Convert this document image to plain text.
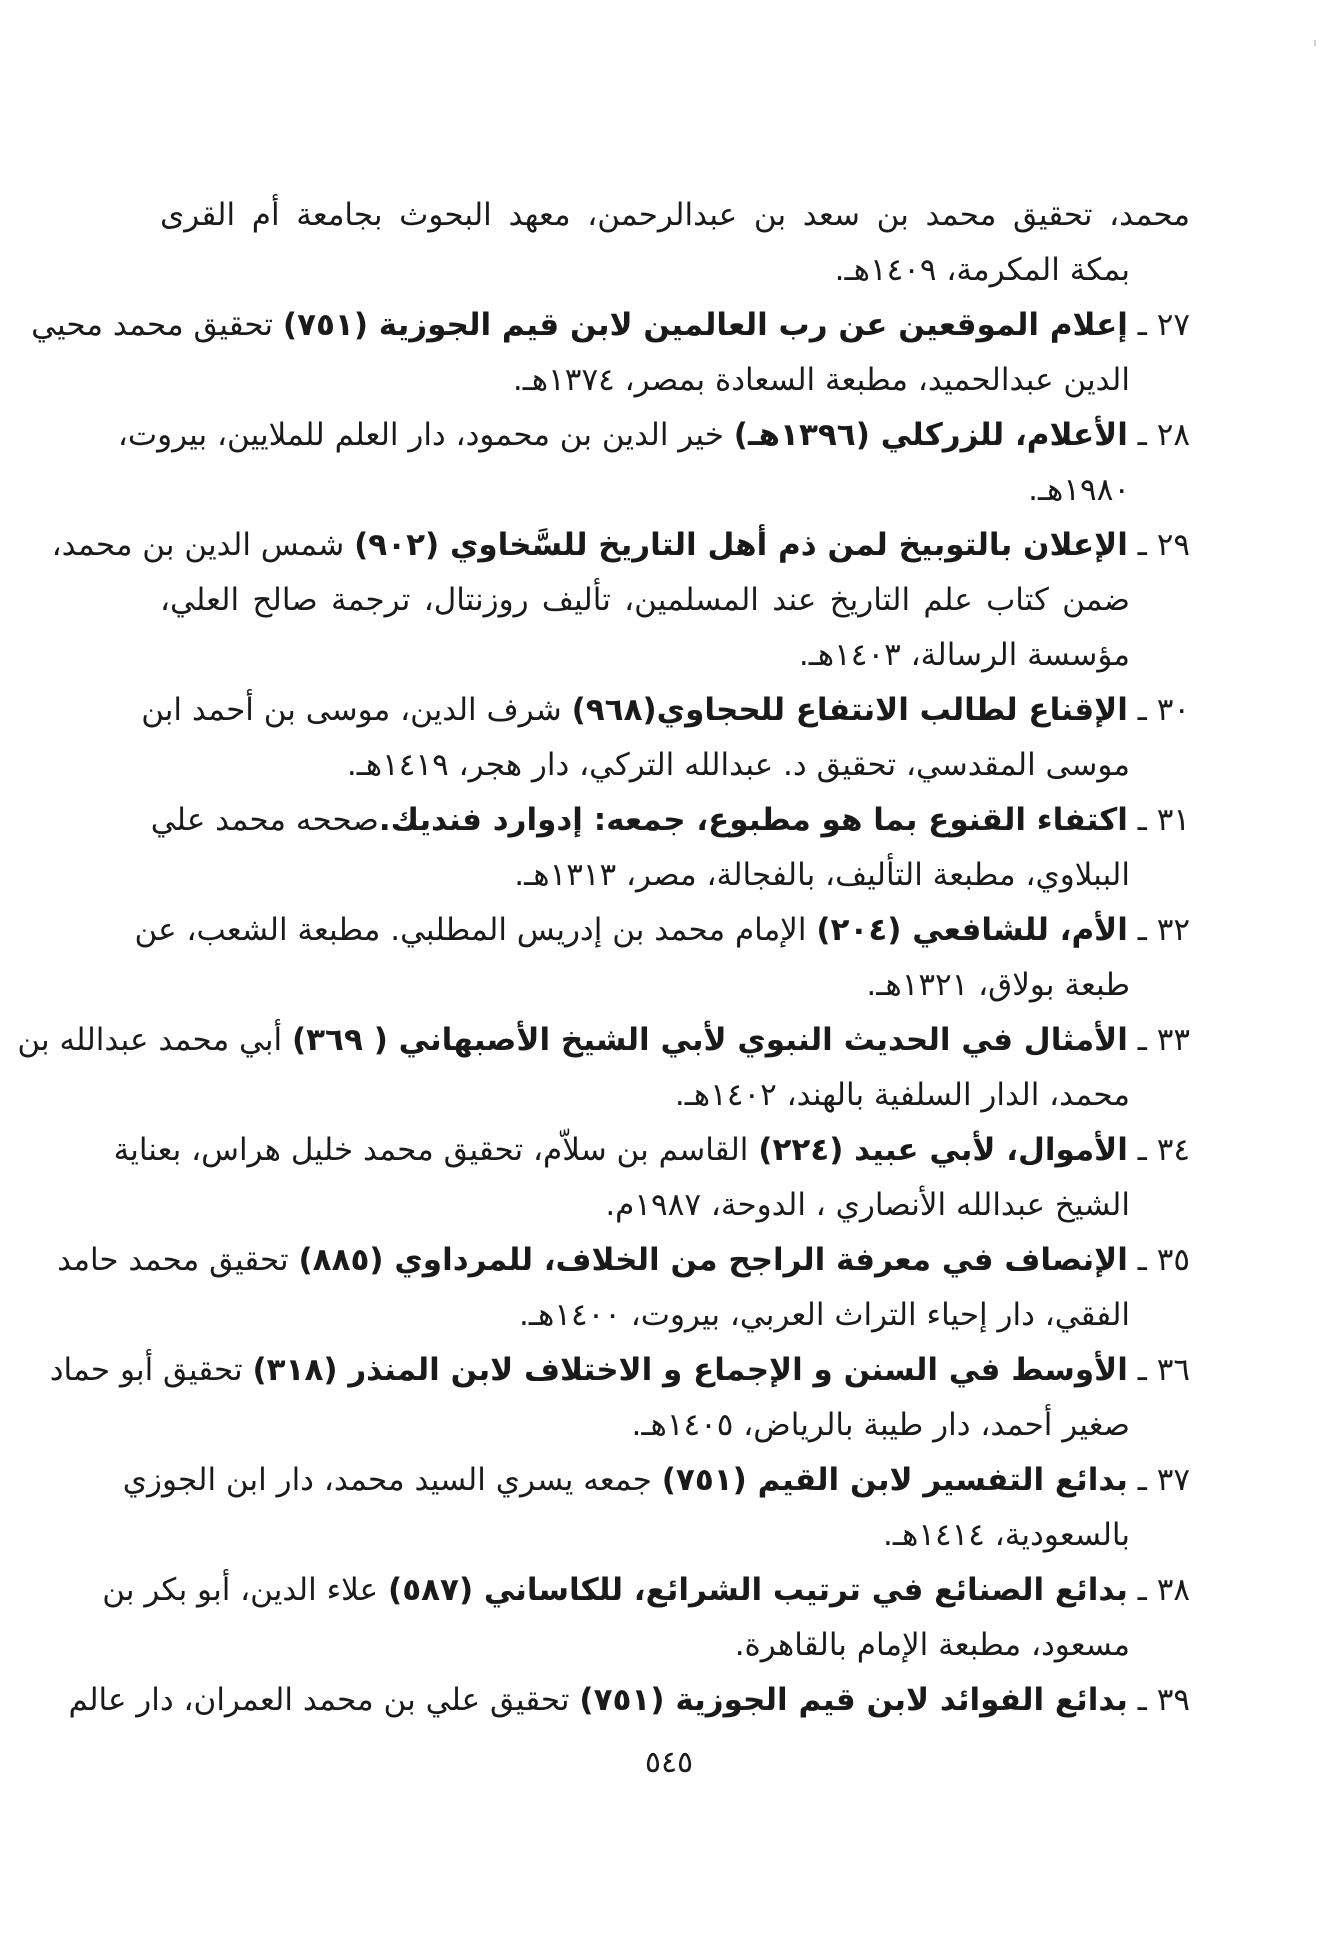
محمد، تحقيق محمد بن سعد بن عبدالرحمن، معهد البحوث بجامعة أم القرى
بمكة المكرمة، ١٤٠٩هـ.
٢٧ ـ إعلام الموقعين عن رب العالمين لابن قيم الجوزية (٧٥١) تحقيق محمد محيي
الدين عبدالحميد، مطبعة السعادة بمصر، ١٣٧٤هـ.
٢٨ ـ الأعلام، للزركلي (١٣٩٦هـ) خير الدين بن محمود، دار العلم للملايين، بيروت،
١٩٨٠هـ.
٢٩ ـ الإعلان بالتوبيخ لمن ذم أهل التاريخ للسَّخاوي (٩٠٢) شمس الدين بن محمد،
ضمن كتاب علم التاريخ عند المسلمين، تأليف روزنتال، ترجمة صالح العلي،
مؤسسة الرسالة، ١٤٠٣هـ.
٣٠ ـ الإقناع لطالب الانتفاع للحجاوي(٩٦٨) شرف الدين، موسى بن أحمد ابن
موسى المقدسي، تحقيق د. عبدالله التركي، دار هجر، ١٤١٩هـ.
٣١ ـ اكتفاء القنوع بما هو مطبوع، جمعه: إدوارد فنديك.صححه محمد علي
الببلاوي، مطبعة التأليف، بالفجالة، مصر، ١٣١٣هـ.
٣٢ ـ الأم، للشافعي (٢٠٤) الإمام محمد بن إدريس المطلبي. مطبعة الشعب، عن
طبعة بولاق، ١٣٢١هـ.
٣٣ ـ الأمثال في الحديث النبوي لأبي الشيخ الأصبهاني ( ٣٦٩) أبي محمد عبدالله بن
محمد، الدار السلفية بالهند، ١٤٠٢هـ.
٣٤ ـ الأموال، لأبي عبيد (٢٢٤) القاسم بن سلاّم، تحقيق محمد خليل هراس، بعناية
الشيخ عبدالله الأنصاري ، الدوحة، ١٩٨٧م.
٣٥ ـ الإنصاف في معرفة الراجح من الخلاف، للمرداوي (٨٨٥) تحقيق محمد حامد
الفقي، دار إحياء التراث العربي، بيروت، ١٤٠٠هـ.
٣٦ ـ الأوسط في السنن و الإجماع و الاختلاف لابن المنذر (٣١٨) تحقيق أبو حماد
صغير أحمد، دار طيبة بالرياض، ١٤٠٥هـ.
٣٧ ـ بدائع التفسير لابن القيم (٧٥١) جمعه يسري السيد محمد، دار ابن الجوزي
بالسعودية، ١٤١٤هـ.
٣٨ ـ بدائع الصنائع في ترتيب الشرائع، للكاساني (٥٨٧) علاء الدين، أبو بكر بن
مسعود، مطبعة الإمام بالقاهرة.
٣٩ ـ بدائع الفوائد لابن قيم الجوزية (٧٥١) تحقيق علي بن محمد العمران، دار عالم
٥٤٥
